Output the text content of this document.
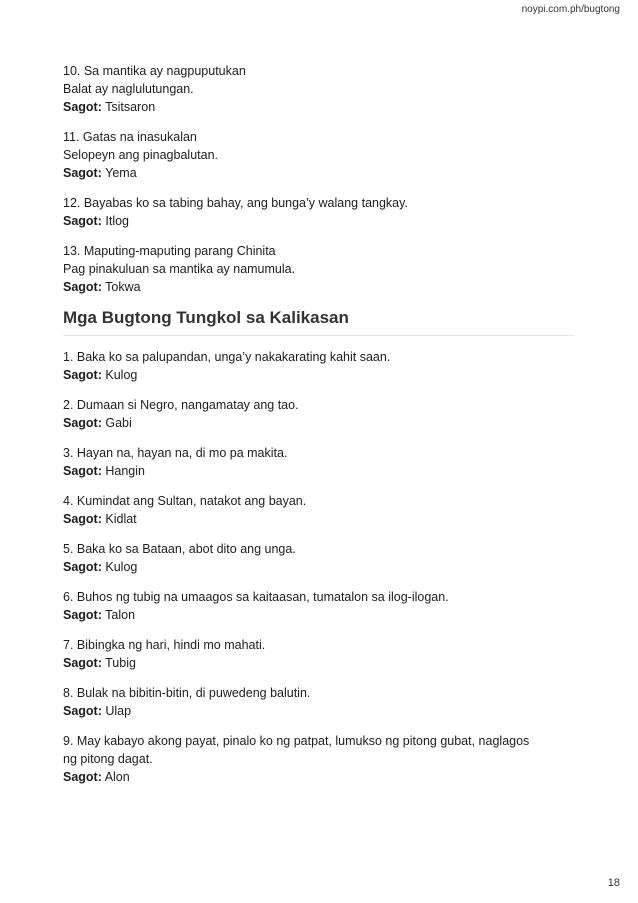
noypi.com.ph/bugtong
10. Sa mantika ay nagpuputukan
Balat ay naglulutungan.
Sagot: Tsitsaron
11. Gatas na inasukalan
Selopeyn ang pinagbalutan.
Sagot: Yema
12. Bayabas ko sa tabing bahay, ang bunga’y walang tangkay.
Sagot: Itlog
13. Maputing-maputing parang Chinita
Pag pinakuluan sa mantika ay namumula.
Sagot: Tokwa
Mga Bugtong Tungkol sa Kalikasan
1. Baka ko sa palupandan, unga’y nakakarating kahit saan.
Sagot: Kulog
2. Dumaan si Negro, nangamatay ang tao.
Sagot: Gabi
3. Hayan na, hayan na, di mo pa makita.
Sagot: Hangin
4. Kumindat ang Sultan, natakot ang bayan.
Sagot: Kidlat
5. Baka ko sa Bataan, abot dito ang unga.
Sagot: Kulog
6. Buhos ng tubig na umaagos sa kaitaasan, tumatalon sa ilog-ilogan.
Sagot: Talon
7. Bibingka ng hari, hindi mo mahati.
Sagot: Tubig
8. Bulak na bibitin-bitin, di puwedeng balutin.
Sagot: Ulap
9. May kabayo akong payat, pinalo ko ng patpat, lumukso ng pitong gubat, naglagos
ng pitong dagat.
Sagot: Alon
18
